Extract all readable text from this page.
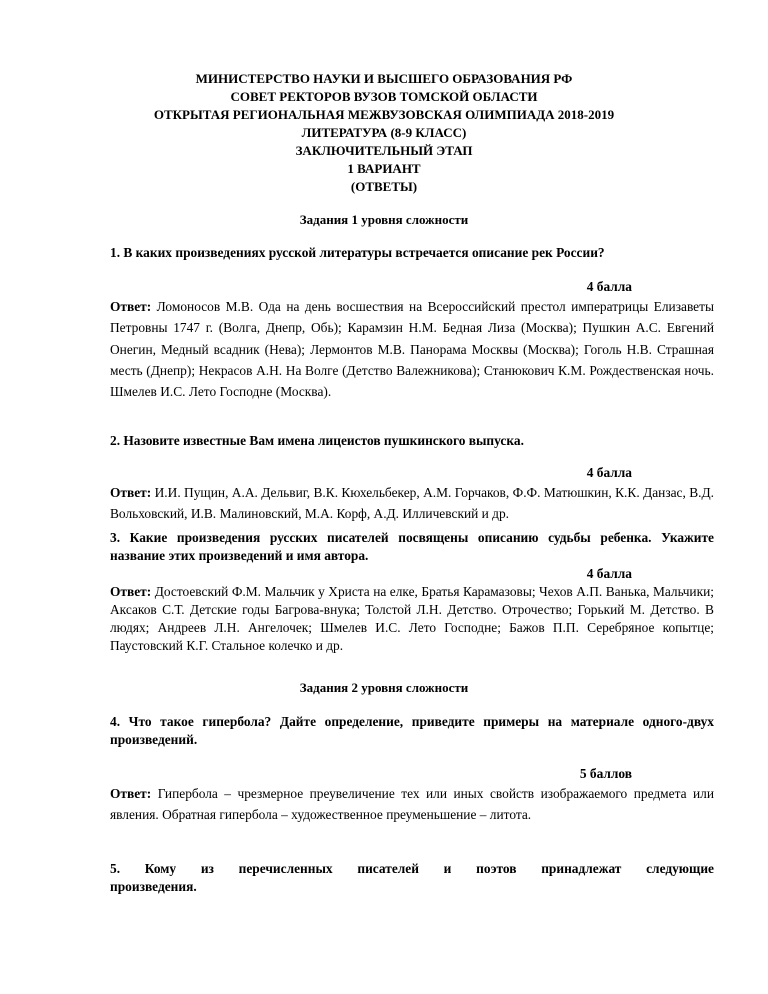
МИНИСТЕРСТВО НАУКИ И ВЫСШЕГО ОБРАЗОВАНИЯ РФ
СОВЕТ РЕКТОРОВ ВУЗОВ ТОМСКОЙ ОБЛАСТИ
ОТКРЫТАЯ РЕГИОНАЛЬНАЯ МЕЖВУЗОВСКАЯ ОЛИМПИАДА 2018-2019
ЛИТЕРАТУРА (8-9 КЛАСС)
ЗАКЛЮЧИТЕЛЬНЫЙ ЭТАП
1 ВАРИАНТ
(ОТВЕТЫ)
Задания 1 уровня сложности
1. В каких произведениях русской литературы встречается описание рек России?
4 балла
Ответ: Ломоносов М.В. Ода на день восшествия на Всероссийский престол императрицы Елизаветы Петровны 1747 г. (Волга, Днепр, Обь); Карамзин Н.М. Бедная Лиза (Москва); Пушкин А.С. Евгений Онегин, Медный всадник (Нева); Лермонтов М.В. Панорама Москвы (Москва); Гоголь Н.В. Страшная месть (Днепр); Некрасов А.Н. На Волге (Детство Валежникова); Станюкович К.М. Рождественская ночь. Шмелев И.С. Лето Господне (Москва).
2. Назовите известные Вам имена лицеистов пушкинского выпуска.
4 балла
Ответ: И.И. Пущин, А.А. Дельвиг, В.К. Кюхельбекер, А.М. Горчаков, Ф.Ф. Матюшкин, К.К. Данзас, В.Д. Вольховский, И.В. Малиновский, М.А. Корф, А.Д. Илличевский и др.
3. Какие произведения русских писателей посвящены описанию судьбы ребенка. Укажите название этих произведений и имя автора.
4 балла
Ответ: Достоевский Ф.М. Мальчик у Христа на елке, Братья Карамазовы; Чехов А.П. Ванька, Мальчики; Аксаков С.Т. Детские годы Багрова-внука; Толстой Л.Н. Детство. Отрочество; Горький М. Детство. В людях; Андреев Л.Н. Ангелочек; Шмелев И.С. Лето Господне; Бажов П.П. Серебряное копытце; Паустовский К.Г. Стальное колечко и др.
Задания 2 уровня сложности
4. Что такое гипербола? Дайте определение, приведите примеры на материале одного-двух произведений.
5 баллов
Ответ: Гипербола – чрезмерное преувеличение тех или иных свойств изображаемого предмета или явления. Обратная гипербола – художественное преуменьшение – литота.
5. Кому из перечисленных писателей и поэтов принадлежат следующие произведения.
